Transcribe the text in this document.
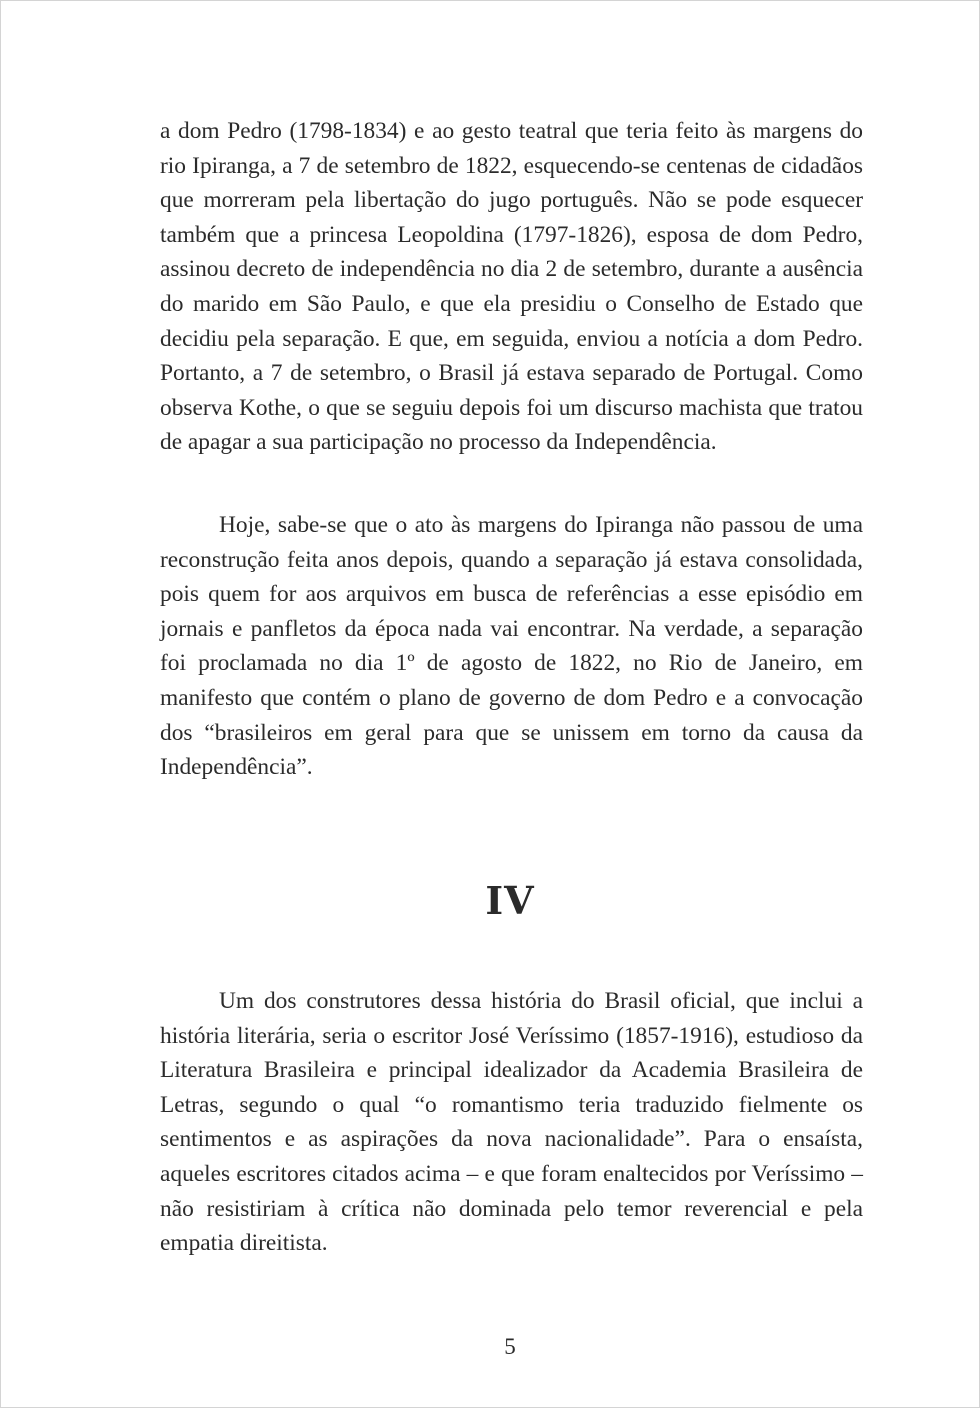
a dom Pedro (1798-1834) e ao gesto teatral que teria feito às margens do rio Ipiranga, a 7 de setembro de 1822, esquecendo-se centenas de cidadãos que morreram pela libertação do jugo português. Não se pode esquecer também que a princesa Leopoldina (1797-1826), esposa de dom Pedro, assinou decreto de independência no dia 2 de setembro, durante a ausência do marido em São Paulo, e que ela presidiu o Conselho de Estado que decidiu pela separação. E que, em seguida, enviou a notícia a dom Pedro. Portanto, a 7 de setembro, o Brasil já estava separado de Portugal. Como observa Kothe, o que se seguiu depois foi um discurso machista que tratou de apagar a sua participação no processo da Independência.

Hoje, sabe-se que o ato às margens do Ipiranga não passou de uma reconstrução feita anos depois, quando a separação já estava consolidada, pois quem for aos arquivos em busca de referências a esse episódio em jornais e panfletos da época nada vai encontrar. Na verdade, a separação foi proclamada no dia 1º de agosto de 1822, no Rio de Janeiro, em manifesto que contém o plano de governo de dom Pedro e a convocação dos “brasileiros em geral para que se unissem em torno da causa da Independência”.

IV

Um dos construtores dessa história do Brasil oficial, que inclui a história literária, seria o escritor José Veríssimo (1857-1916), estudioso da Literatura Brasileira e principal idealizador da Academia Brasileira de Letras, segundo o qual “o romantismo teria traduzido fielmente os sentimentos e as aspirações da nova nacionalidade”. Para o ensaísta, aqueles escritores citados acima – e que foram enaltecidos por Veríssimo – não resistiriam à crítica não dominada pelo temor reverencial e pela empatia direitista.

5
